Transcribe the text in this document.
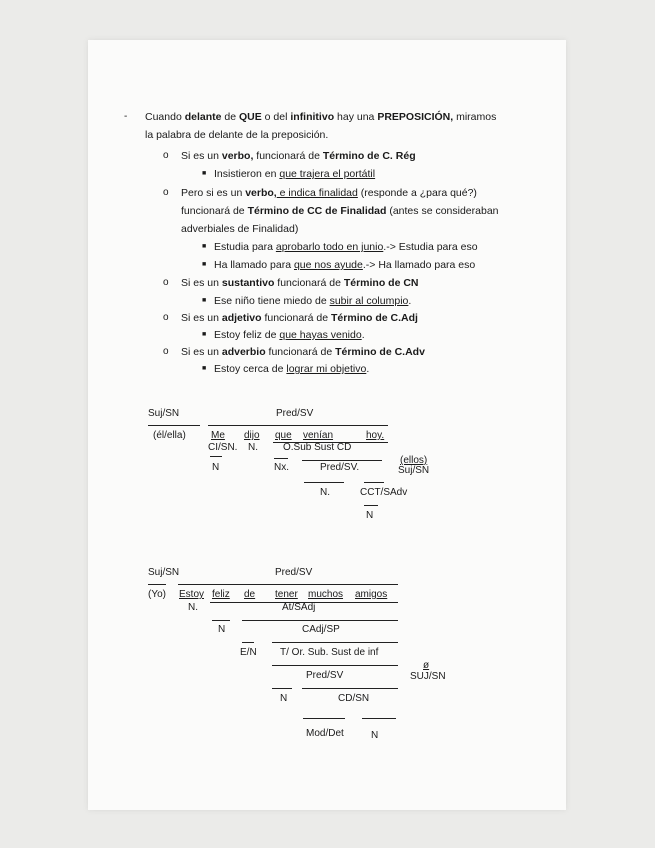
- Cuando delante de QUE o del infinitivo hay una PREPOSICIÓN, miramos
la palabra de delante de la preposición.
o Si es un verbo, funcionará de Término de C. Rég
■ Insistieron en que trajera el portátil
o Pero si es un verbo, e indica finalidad (responde a ¿para qué?)
funcionará de Término de CC de Finalidad (antes se consideraban
adverbiales de Finalidad)
■ Estudia para aprobarlo todo en junio.-> Estudia para eso
■ Ha llamado para que nos ayude.-> Ha llamado para eso
o Si es un sustantivo funcionará de Término de CN
■ Ese niño tiene miedo de subir al columpio.
o Si es un adjetivo funcionará de Término de C.Adj
■ Estoy feliz de que hayas venido.
o Si es un adverbio funcionará de Término de C.Adv
■ Estoy cerca de lograr mi objetivo.
Suj/SN	Pred/SV
(él/ella)	Me dijo que venían	hoy.
CI/SN. N.	O.Sub Sust CD
N	Nx.	Pred/SV.
(ellos)
Suj/SN
N.	CCT/SAdv
N
Suj/SN	Pred/SV
(Yo) Estoy feliz de tener muchos amigos
N.	At/SAdj
N	CAdj/SP
E/N T/ Or. Sub. Sust de inf
ø
Pred/SV	SUJ/SN
N	CD/SN
Mod/Det	N
